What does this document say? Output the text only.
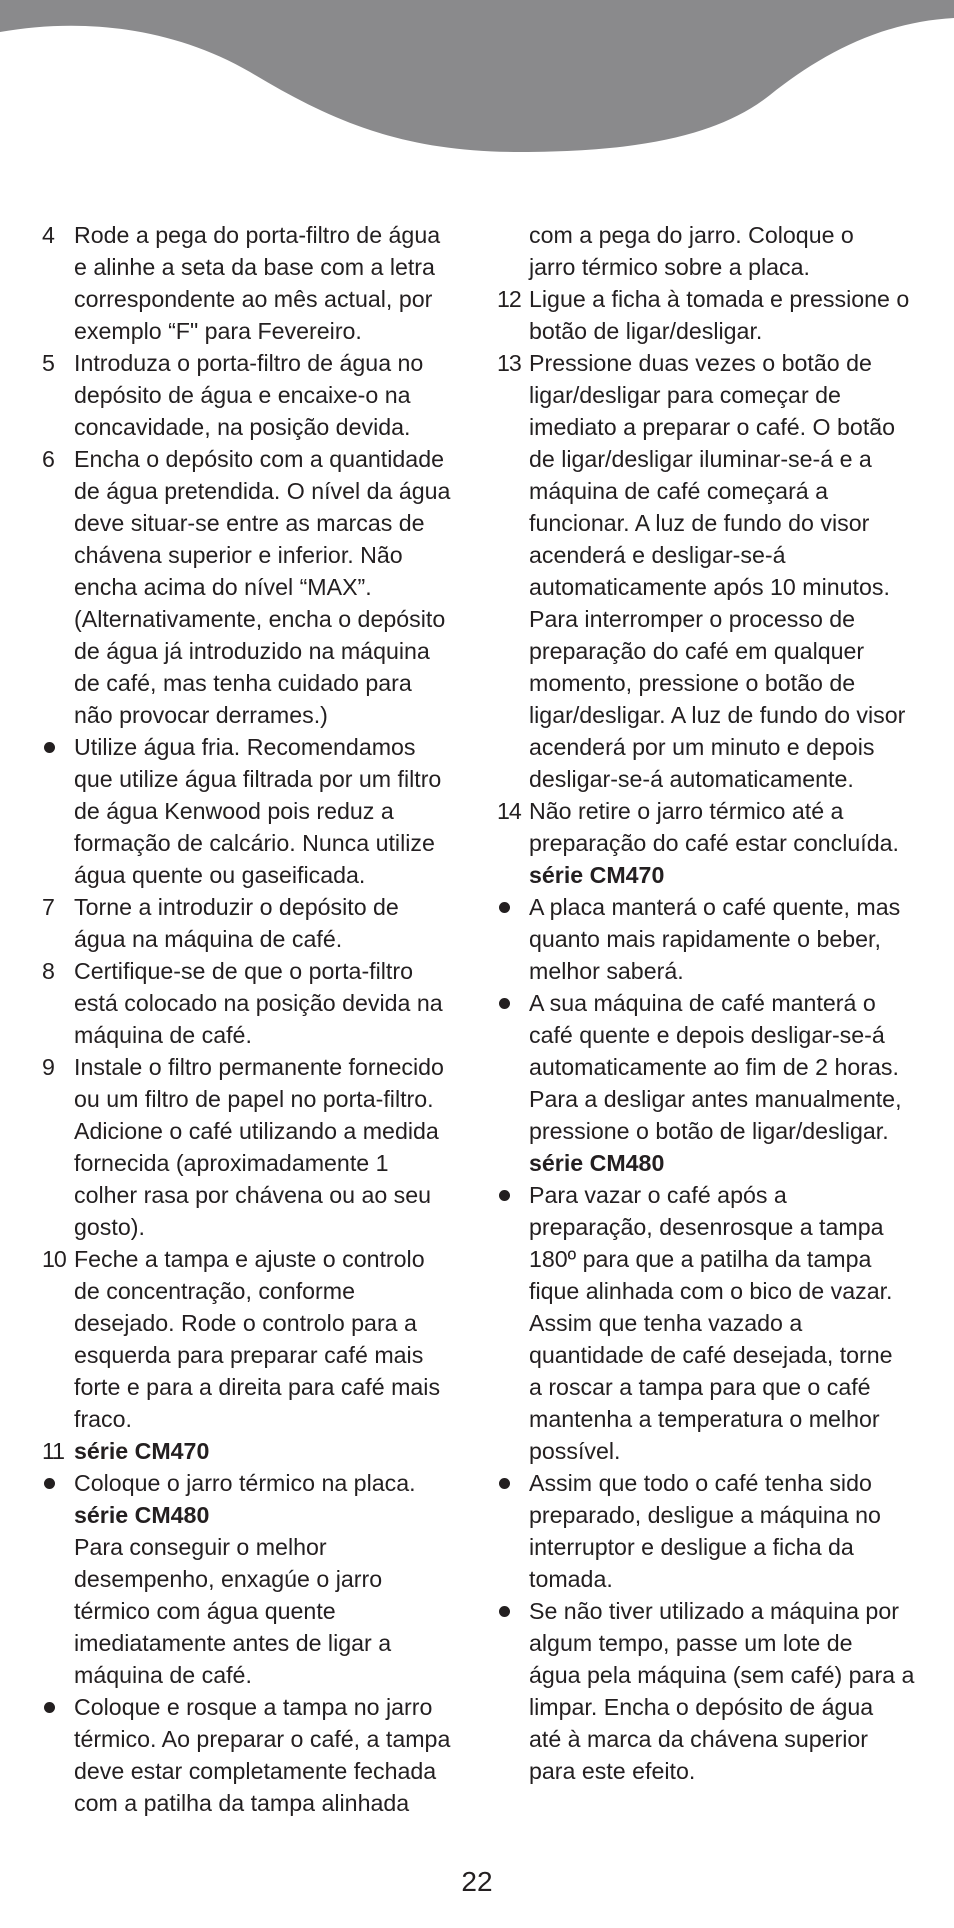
4 Rode a pega do porta-filtro de água
e alinhe a seta da base com a letra
correspondente ao mês actual, por
exemplo “F" para Fevereiro.
5 Introduza o porta-filtro de água no
depósito de água e encaixe-o na
concavidade, na posição devida.
6 Encha o depósito com a quantidade
de água pretendida. O nível da água
deve situar-se entre as marcas de
chávena superior e inferior. Não
encha acima do nível “MAX”.
(Alternativamente, encha o depósito
de água já introduzido na máquina
de café, mas tenha cuidado para
não provocar derrames.)
Utilize água fria. Recomendamos
que utilize água filtrada por um filtro
de água Kenwood pois reduz a
formação de calcário. Nunca utilize
água quente ou gaseificada.
7 Torne a introduzir o depósito de
água na máquina de café.
8 Certifique-se de que o porta-filtro
está colocado na posição devida na
máquina de café.
9 Instale o filtro permanente fornecido
ou um filtro de papel no porta-filtro.
Adicione o café utilizando a medida
fornecida (aproximadamente 1
colher rasa por chávena ou ao seu
gosto).
10 Feche a tampa e ajuste o controlo
de concentração, conforme
desejado. Rode o controlo para a
esquerda para preparar café mais
forte e para a direita para café mais
fraco.
11 série CM470
Coloque o jarro térmico na placa.
série CM480
Para conseguir o melhor
desempenho, enxagúe o jarro
térmico com água quente
imediatamente antes de ligar a
máquina de café.
Coloque e rosque a tampa no jarro
térmico. Ao preparar o café, a tampa
deve estar completamente fechada
com a patilha da tampa alinhada
com a pega do jarro. Coloque o
jarro térmico sobre a placa.
12 Ligue a ficha à tomada e pressione o
botão de ligar/desligar.
13 Pressione duas vezes o botão de
ligar/desligar para começar de
imediato a preparar o café. O botão
de ligar/desligar iluminar-se-á e a
máquina de café começará a
funcionar. A luz de fundo do visor
acenderá e desligar-se-á
automaticamente após 10 minutos.
Para interromper o processo de
preparação do café em qualquer
momento, pressione o botão de
ligar/desligar. A luz de fundo do visor
acenderá por um minuto e depois
desligar-se-á automaticamente.
14 Não retire o jarro térmico até a
preparação do café estar concluída.
série CM470
A placa manterá o café quente, mas
quanto mais rapidamente o beber,
melhor saberá.
A sua máquina de café manterá o
café quente e depois desligar-se-á
automaticamente ao fim de 2 horas.
Para a desligar antes manualmente,
pressione o botão de ligar/desligar.
série CM480
Para vazar o café após a
preparação, desenrosque a tampa
180º para que a patilha da tampa
fique alinhada com o bico de vazar.
Assim que tenha vazado a
quantidade de café desejada, torne
a roscar a tampa para que o café
mantenha a temperatura o melhor
possível.
Assim que todo o café tenha sido
preparado, desligue a máquina no
interruptor e desligue a ficha da
tomada.
Se não tiver utilizado a máquina por
algum tempo, passe um lote de
água pela máquina (sem café) para a
limpar. Encha o depósito de água
até à marca da chávena superior
para este efeito.
22
